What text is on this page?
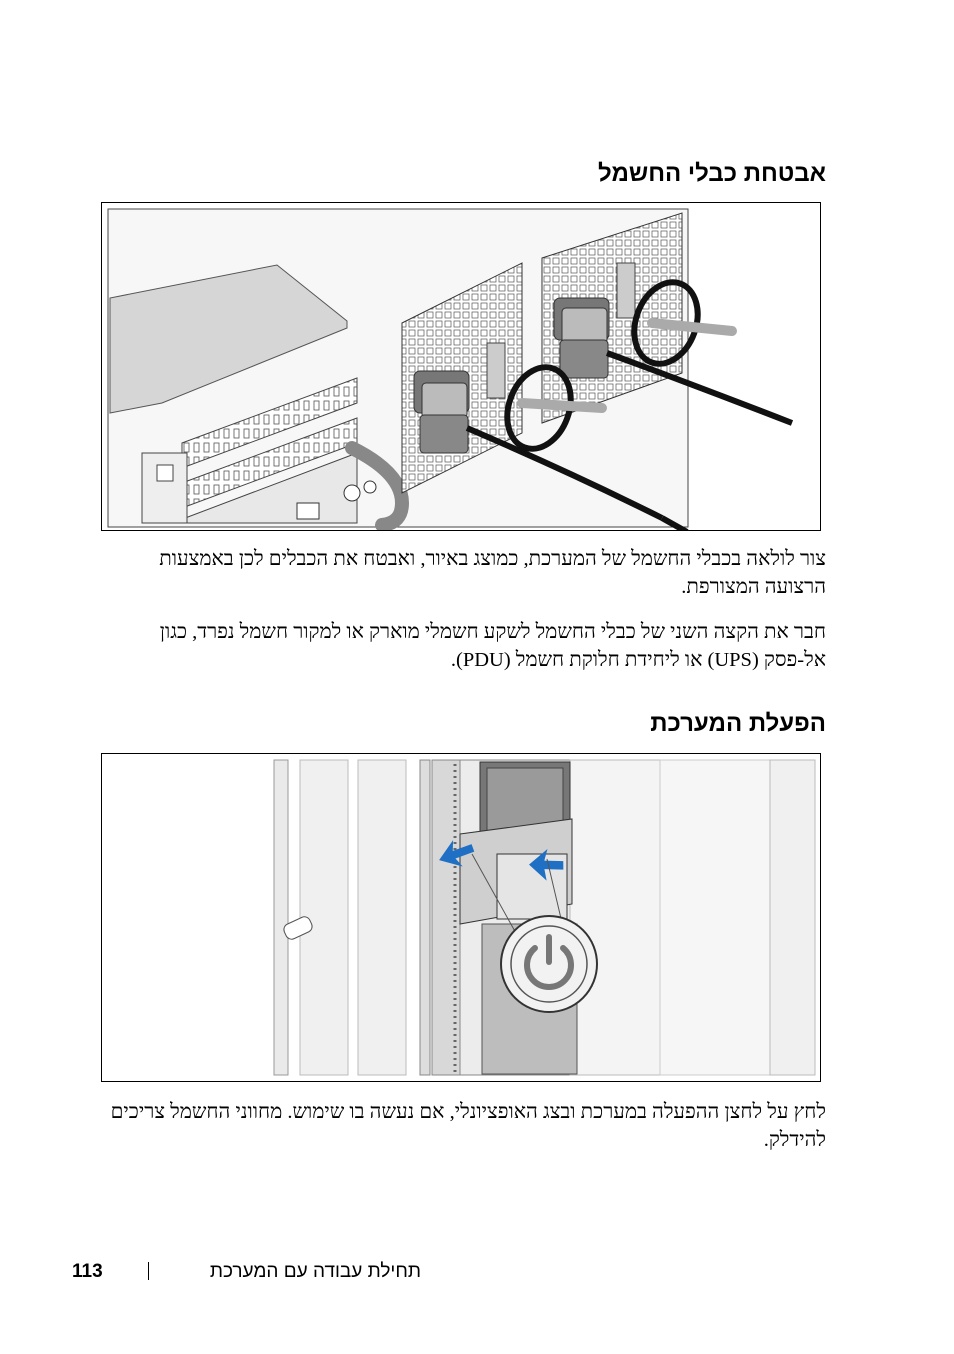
אבטחת כבלי החשמל
צור לולאה בכבלי החשמל של המערכת, כמוצג באיור, ואבטח את הכבלים לכן באמצעות הרצועה המצורפת.
חבר את הקצה השני של כבלי החשמל לשקע חשמלי מוארק או למקור חשמל נפרד, כגון אל-פסק (UPS) או ליחידת חלוקת חשמל (PDU).
הפעלת המערכת
לחץ על לחצן ההפעלה במערכת ובצג האופציונלי, אם נעשה בו שימוש. מחווני החשמל צריכים להידלק.
תחילת עבודה עם המערכת
113
